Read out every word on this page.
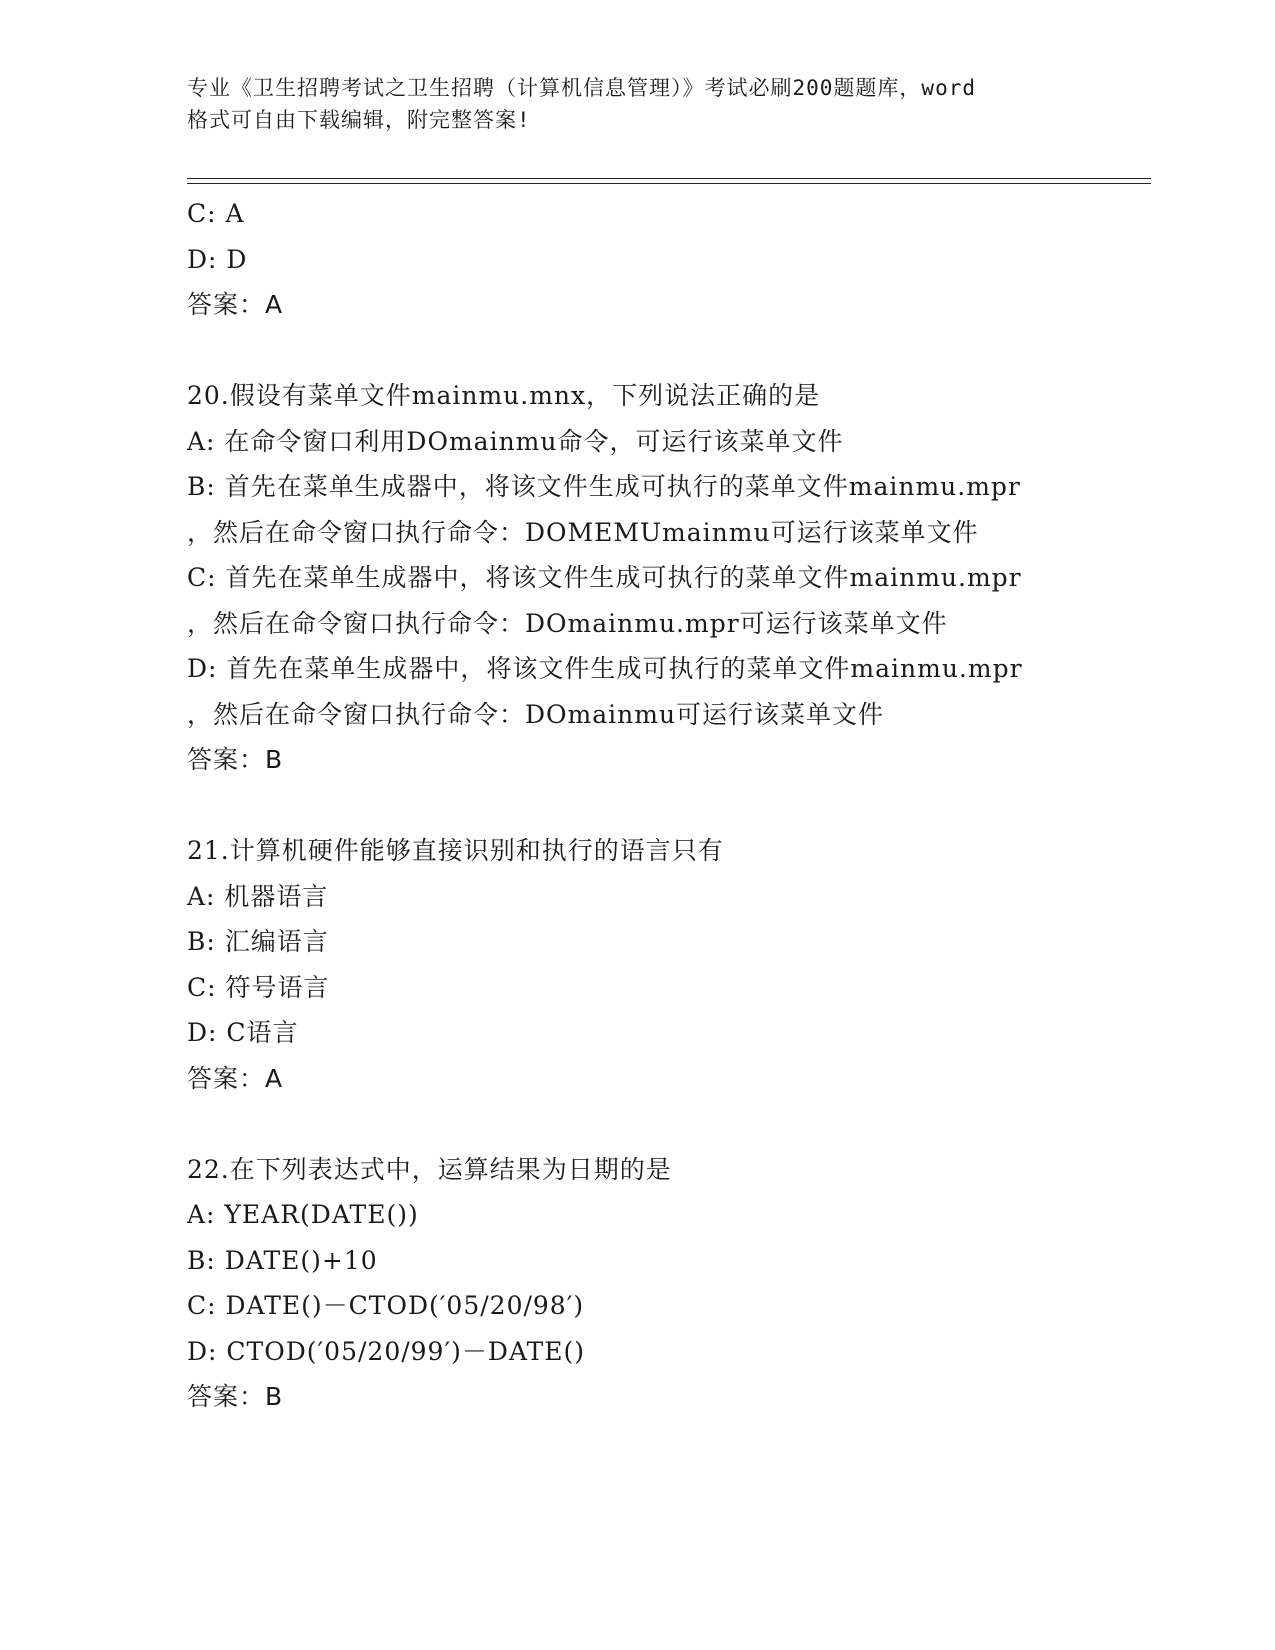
专业《卫生招聘考试之卫生招聘（计算机信息管理）》考试必刷200题题库，word
格式可自由下载编辑，附完整答案!
C: A
D: D
答案：A
20.假设有菜单文件mainmu.mnx，下列说法正确的是
A: 在命令窗口利用DOmainmu命令，可运行该菜单文件
B: 首先在菜单生成器中，将该文件生成可执行的菜单文件mainmu.mpr
，然后在命令窗口执行命令：DOMEMUmainmu可运行该菜单文件
C: 首先在菜单生成器中，将该文件生成可执行的菜单文件mainmu.mpr
，然后在命令窗口执行命令：DOmainmu.mpr可运行该菜单文件
D: 首先在菜单生成器中，将该文件生成可执行的菜单文件mainmu.mpr
，然后在命令窗口执行命令：DOmainmu可运行该菜单文件
答案：B
21.计算机硬件能够直接识别和执行的语言只有
A: 机器语言
B: 汇编语言
C: 符号语言
D: C语言
答案：A
22.在下列表达式中，运算结果为日期的是
A: YEAR(DATE())
B: DATE()+10
C: DATE()－CTOD(′05/20/98′)
D: CTOD(′05/20/99′)－DATE()
答案：B
